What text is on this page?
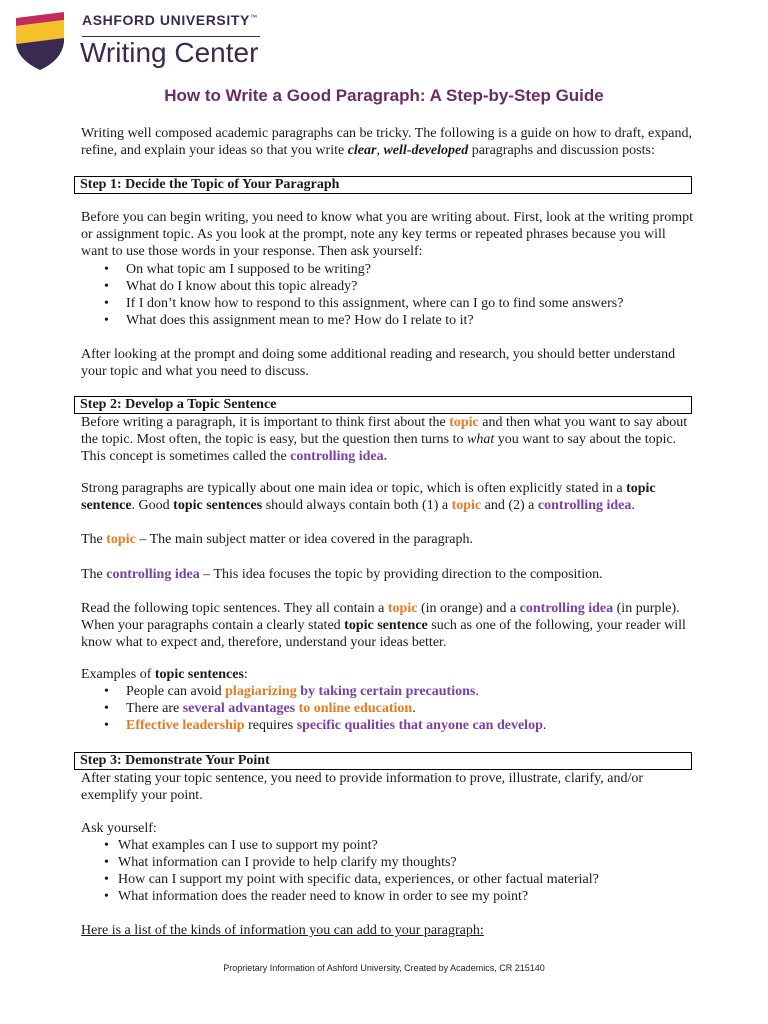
ASHFORD UNIVERSITY™
Writing Center
How to Write a Good Paragraph: A Step-by-Step Guide

Writing well composed academic paragraphs can be tricky. The following is a guide on how to draft, expand, refine, and explain your ideas so that you write clear, well-developed paragraphs and discussion posts:

Step 1: Decide the Topic of Your Paragraph

Before you can begin writing, you need to know what you are writing about. First, look at the writing prompt or assignment topic. As you look at the prompt, note any key terms or repeated phrases because you will want to use those words in your response. Then ask yourself:

• On what topic am I supposed to be writing?
• What do I know about this topic already?
• If I don’t know how to respond to this assignment, where can I go to find some answers?
• What does this assignment mean to me? How do I relate to it?

After looking at the prompt and doing some additional reading and research, you should better understand your topic and what you need to discuss.

Step 2: Develop a Topic Sentence

Before writing a paragraph, it is important to think first about the topic and then what you want to say about the topic. Most often, the topic is easy, but the question then turns to what you want to say about the topic. This concept is sometimes called the controlling idea.

Strong paragraphs are typically about one main idea or topic, which is often explicitly stated in a topic sentence. Good topic sentences should always contain both (1) a topic and (2) a controlling idea.

The topic – The main subject matter or idea covered in the paragraph.

The controlling idea – This idea focuses the topic by providing direction to the composition.

Read the following topic sentences. They all contain a topic (in orange) and a controlling idea (in purple). When your paragraphs contain a clearly stated topic sentence such as one of the following, your reader will know what to expect and, therefore, understand your ideas better.

Examples of topic sentences:

• People can avoid plagiarizing by taking certain precautions.
• There are several advantages to online education.
• Effective leadership requires specific qualities that anyone can develop.
Step 3: Demonstrate Your Point

After stating your topic sentence, you need to provide information to prove, illustrate, clarify, and/or exemplify your point.

Ask yourself:

• What examples can I use to support my point?
• What information can I provide to help clarify my thoughts?
• How can I support my point with specific data, experiences, or other factual material?
• What information does the reader need to know in order to see my point?

Here is a list of the kinds of information you can add to your paragraph:

Proprietary Information of Ashford University, Created by Academics, CR 215140
